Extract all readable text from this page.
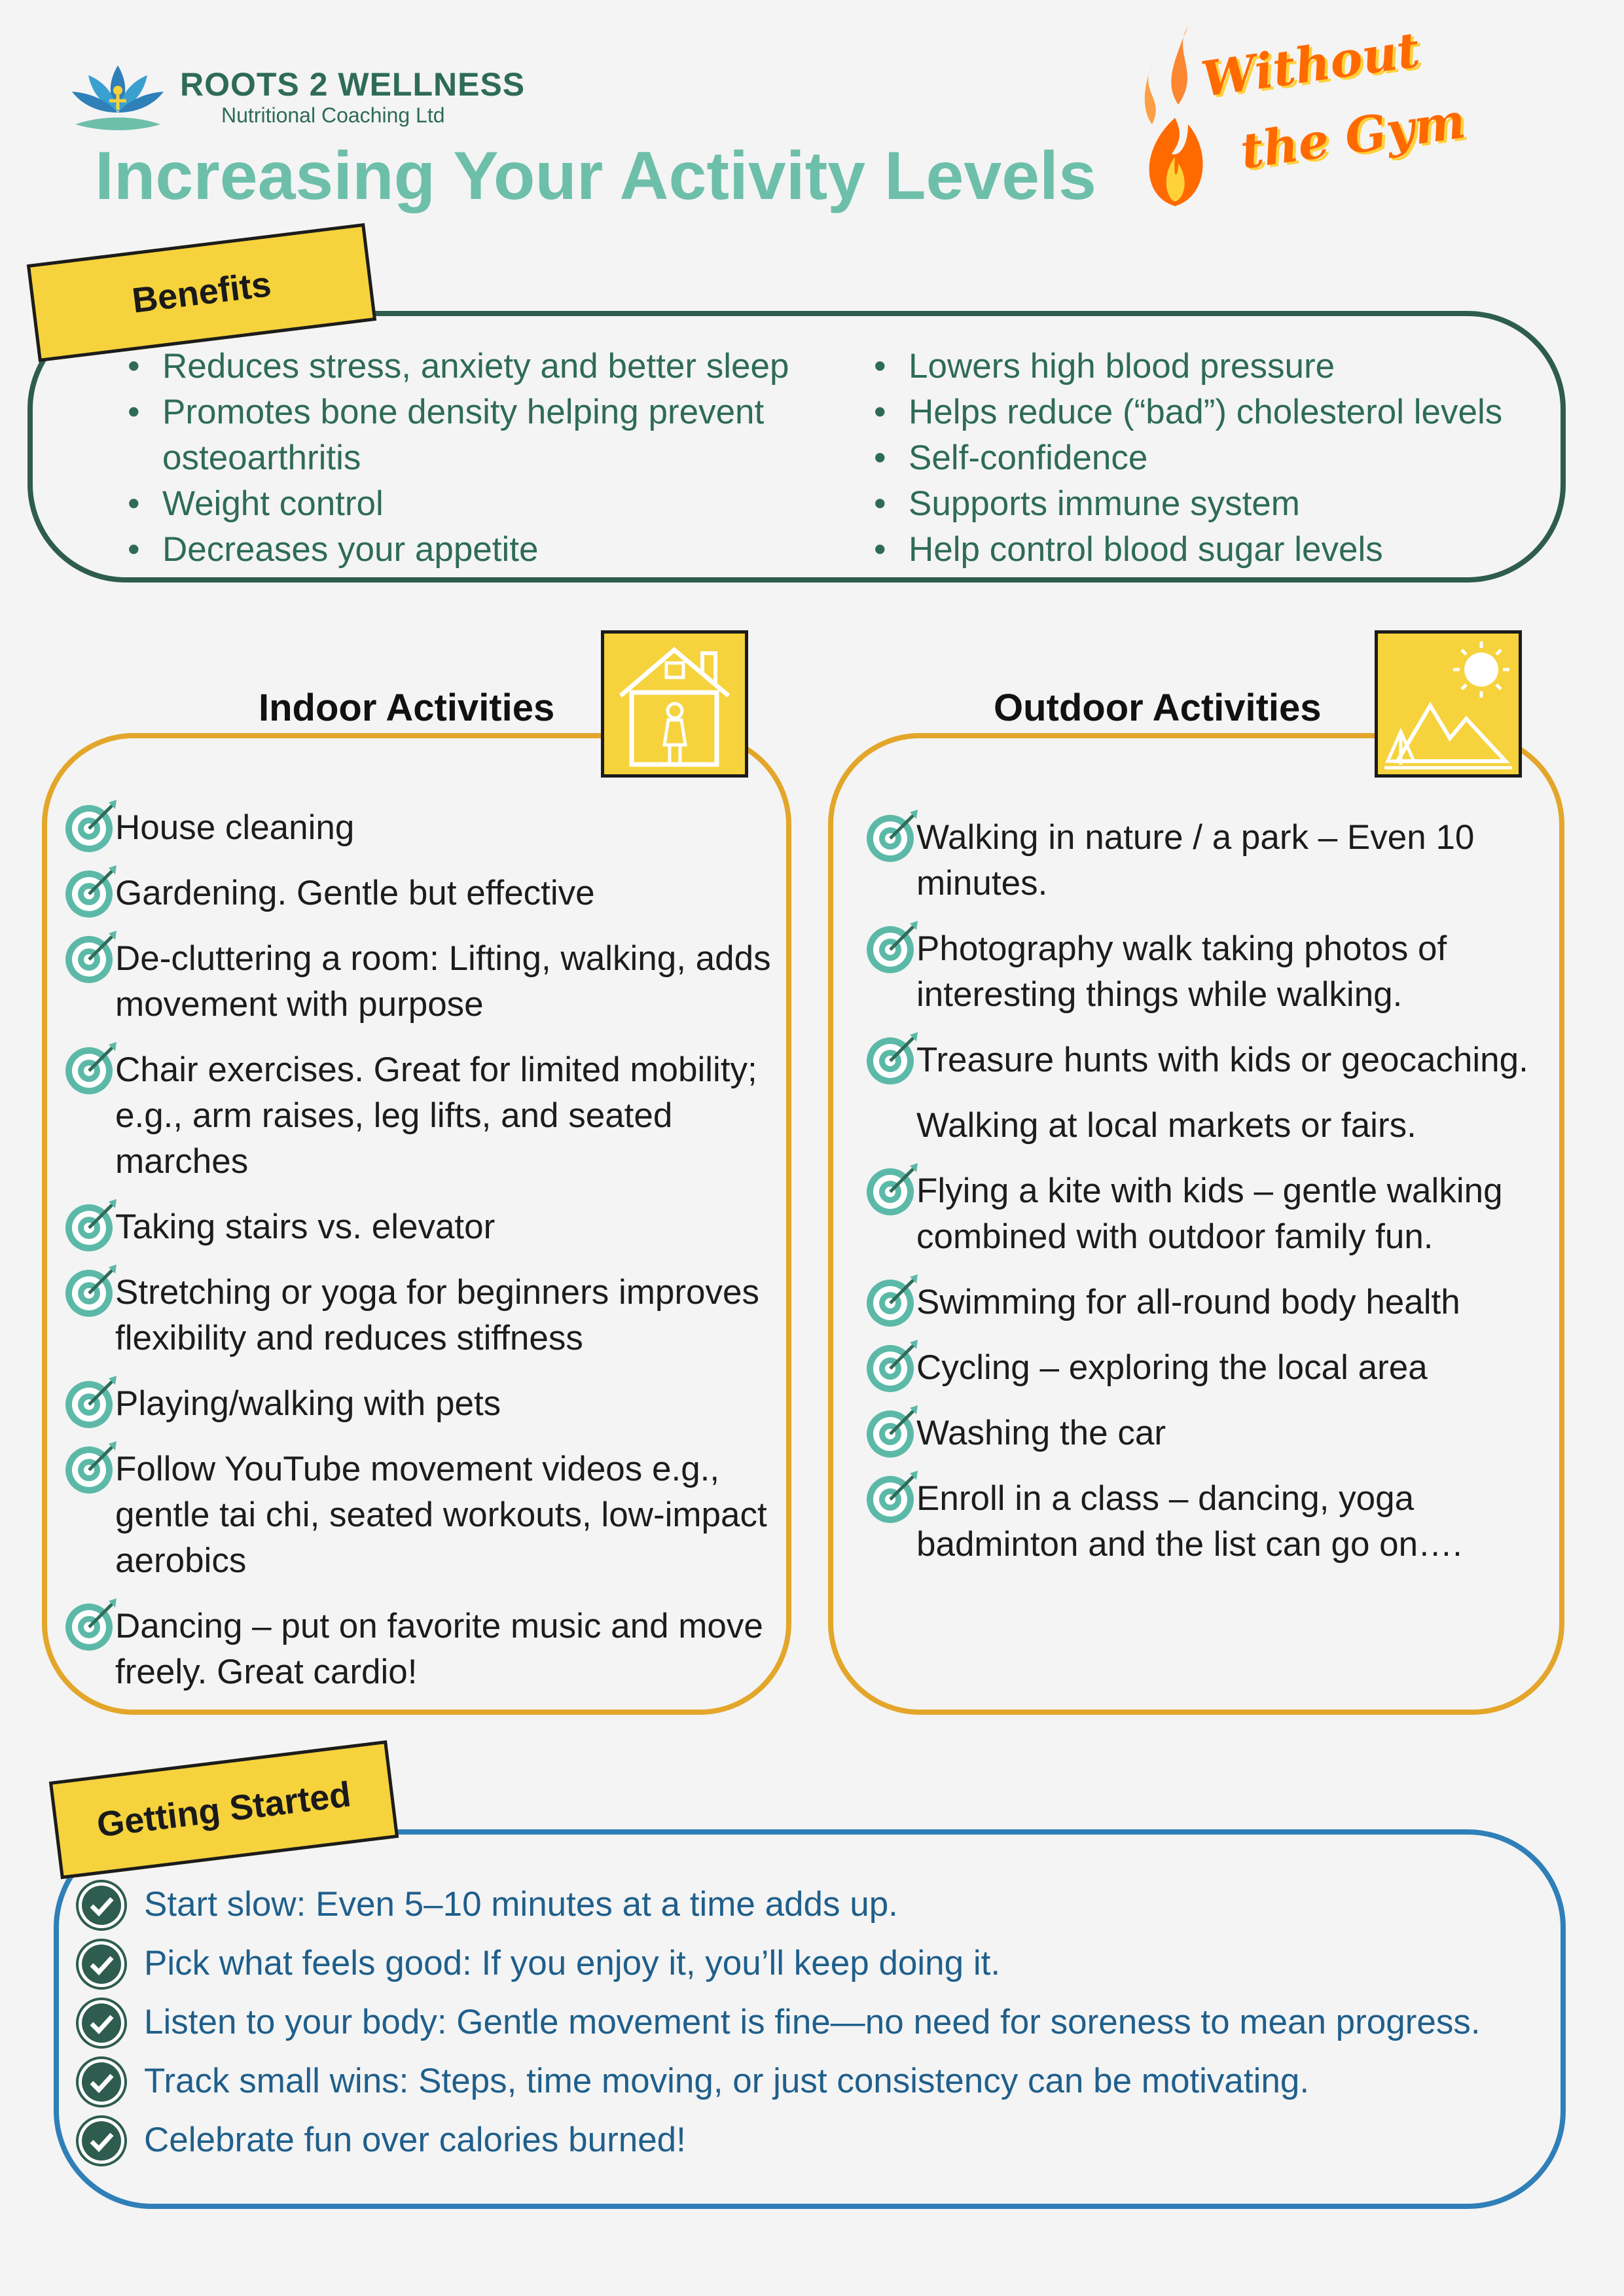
ROOTS 2 WELLNESS
Nutritional Coaching Ltd
Increasing Your Activity Levels
Without
the Gym
Benefits
• Reduces stress, anxiety and better sleep
• Promotes bone density helping prevent osteoarthritis
• Weight control
• Decreases your appetite
• Lowers high blood pressure
• Helps reduce (“bad”) cholesterol levels
• Self-confidence
• Supports immune system
• Help control blood sugar levels
Indoor Activities
House cleaning
Gardening. Gentle but effective
De-cluttering a room: Lifting, walking, adds movement with purpose
Chair exercises. Great for limited mobility; e.g., arm raises, leg lifts, and seated marches
Taking stairs vs. elevator
Stretching or yoga for beginners improves flexibility and reduces stiffness
Playing/walking with pets
Follow YouTube movement videos e.g., gentle tai chi, seated workouts, low-impact aerobics
Dancing – put on favorite music and move freely. Great cardio!
Outdoor Activities
Walking in nature / a park – Even 10 minutes.
Photography walk taking photos of interesting things while walking.
Treasure hunts with kids or geocaching.
Walking at local markets or fairs.
Flying a kite with kids – gentle walking combined with outdoor family fun.
Swimming for all-round body health
Cycling – exploring the local area
Washing the car
Enroll in a class – dancing, yoga badminton and the list can go on….
Getting Started
Start slow: Even 5–10 minutes at a time adds up.
Pick what feels good: If you enjoy it, you’ll keep doing it.
Listen to your body: Gentle movement is fine—no need for soreness to mean progress.
Track small wins: Steps, time moving, or just consistency can be motivating.
Celebrate fun over calories burned!
